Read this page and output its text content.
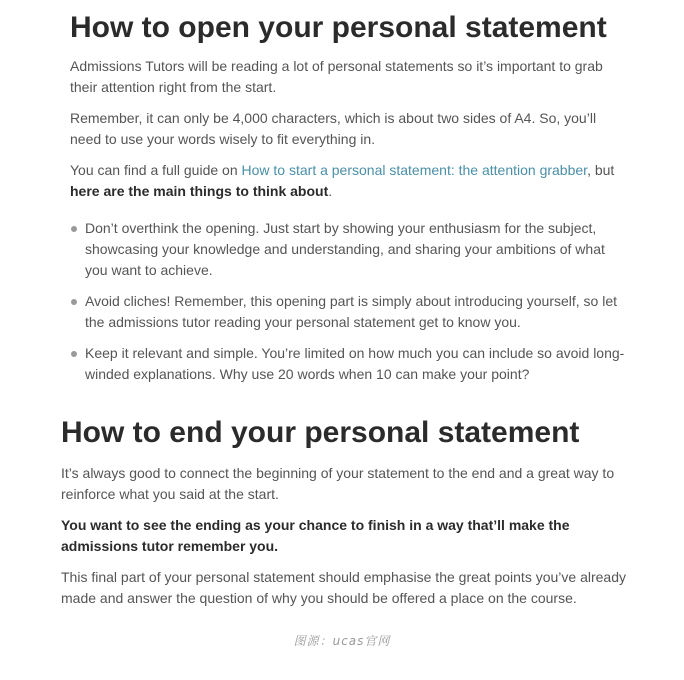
How to open your personal statement

Admissions Tutors will be reading a lot of personal statements so it’s important to grab their attention right from the start.

Remember, it can only be 4,000 characters, which is about two sides of A4. So, you’ll need to use your words wisely to fit everything in.

You can find a full guide on How to start a personal statement: the attention grabber, but here are the main things to think about.

Don’t overthink the opening. Just start by showing your enthusiasm for the subject, showcasing your knowledge and understanding, and sharing your ambitions of what you want to achieve.
Avoid cliches! Remember, this opening part is simply about introducing yourself, so let the admissions tutor reading your personal statement get to know you.
Keep it relevant and simple. You’re limited on how much you can include so avoid long-winded explanations. Why use 20 words when 10 can make your point?
How to end your personal statement

It’s always good to connect the beginning of your statement to the end and a great way to reinforce what you said at the start.

You want to see the ending as your chance to finish in a way that’ll make the admissions tutor remember you.

This final part of your personal statement should emphasise the great points you’ve already made and answer the question of why you should be offered a place on the course.

图源：ucas官网
